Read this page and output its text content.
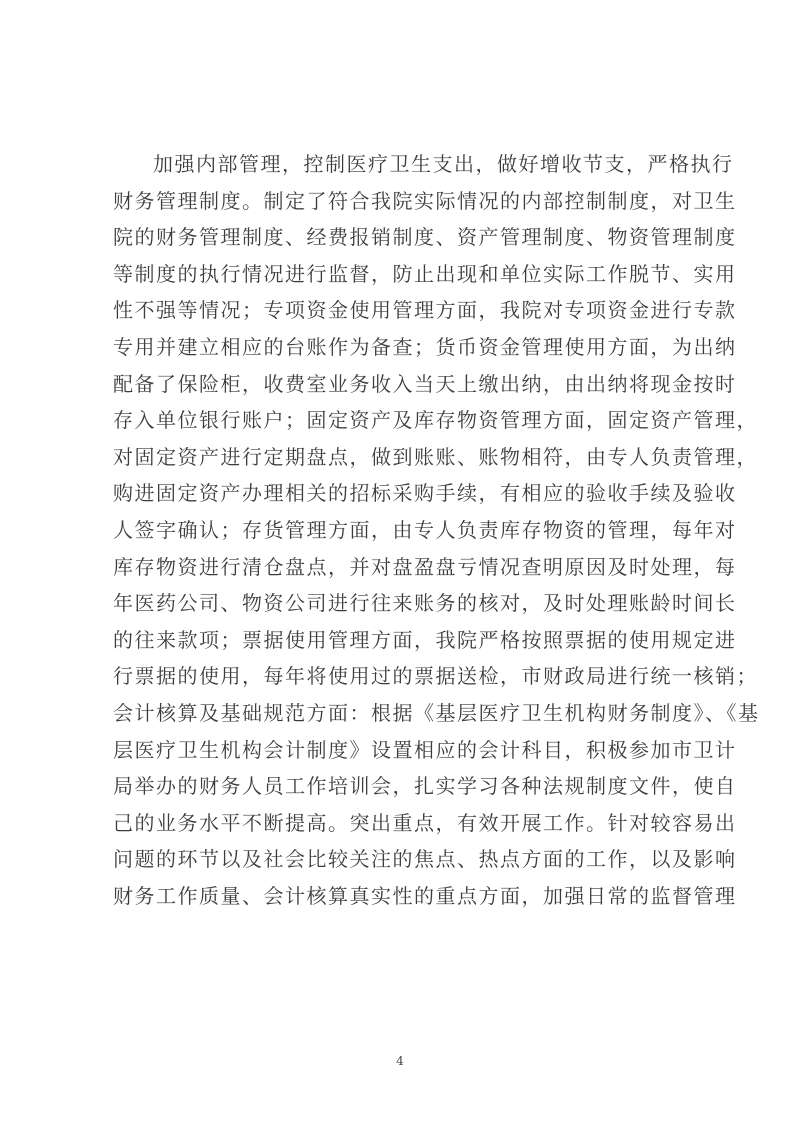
加强内部管理，控制医疗卫生支出，做好增收节支，严格执行
财务管理制度。制定了符合我院实际情况的内部控制制度，对卫生
院的财务管理制度、经费报销制度、资产管理制度、物资管理制度
等制度的执行情况进行监督，防止出现和单位实际工作脱节、实用
性不强等情况；专项资金使用管理方面，我院对专项资金进行专款
专用并建立相应的台账作为备查；货币资金管理使用方面，为出纳
配备了保险柜，收费室业务收入当天上缴出纳，由出纳将现金按时
存入单位银行账户；固定资产及库存物资管理方面，固定资产管理，
对固定资产进行定期盘点，做到账账、账物相符，由专人负责管理，
购进固定资产办理相关的招标采购手续，有相应的验收手续及验收
人签字确认；存货管理方面，由专人负责库存物资的管理，每年对
库存物资进行清仓盘点，并对盘盈盘亏情况查明原因及时处理，每
年医药公司、物资公司进行往来账务的核对，及时处理账龄时间长
的往来款项；票据使用管理方面，我院严格按照票据的使用规定进
行票据的使用，每年将使用过的票据送检，市财政局进行统一核销；
会计核算及基础规范方面：根据《基层医疗卫生机构财务制度》、《基
层医疗卫生机构会计制度》设置相应的会计科目，积极参加市卫计
局举办的财务人员工作培训会，扎实学习各种法规制度文件，使自
己的业务水平不断提高。突出重点，有效开展工作。针对较容易出
问题的环节以及社会比较关注的焦点、热点方面的工作，以及影响
财务工作质量、会计核算真实性的重点方面，加强日常的监督管理
4
